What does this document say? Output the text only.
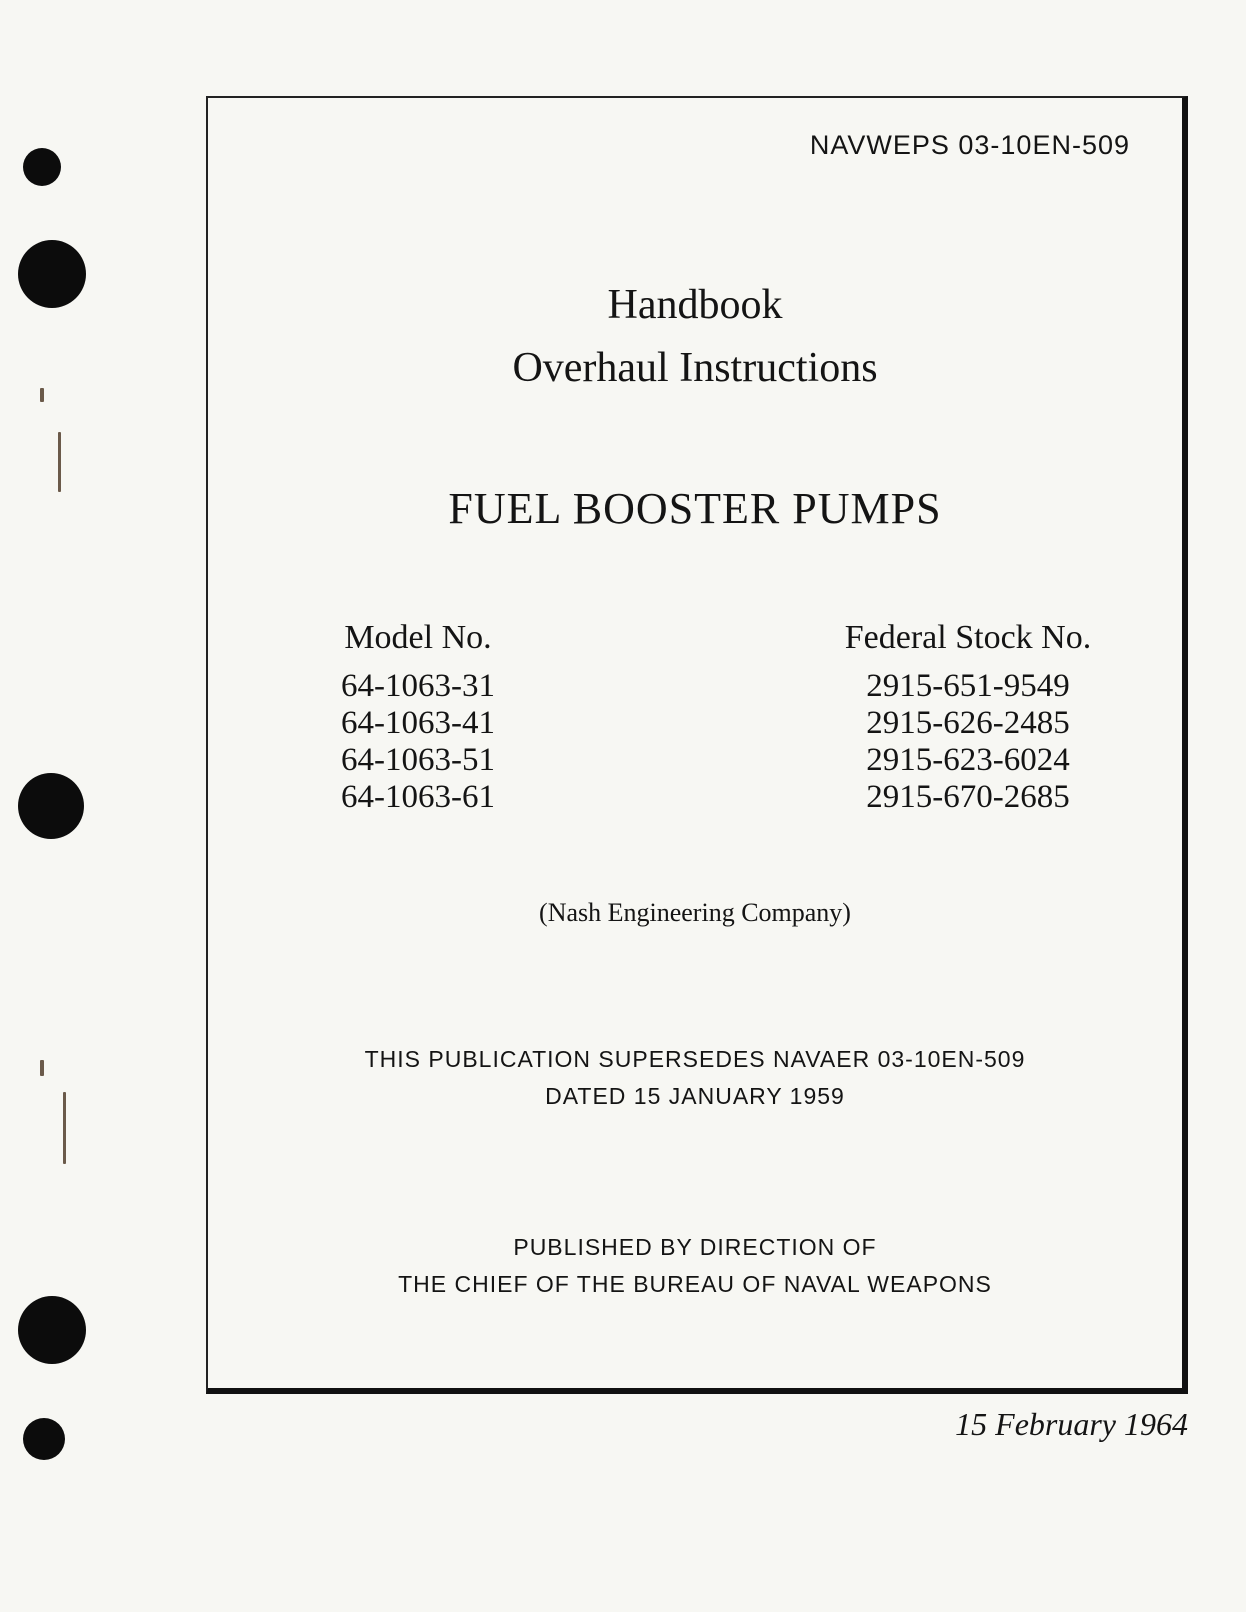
NAVWEPS 03-10EN-509
Handbook
Overhaul Instructions
FUEL BOOSTER PUMPS
Model No.
64-1063-31
64-1063-41
64-1063-51
64-1063-61
Federal Stock No.
2915-651-9549
2915-626-2485
2915-623-6024
2915-670-2685
(Nash Engineering Company)
THIS PUBLICATION SUPERSEDES NAVAER 03-10EN-509
DATED 15 JANUARY 1959
PUBLISHED BY DIRECTION OF
THE CHIEF OF THE BUREAU OF NAVAL WEAPONS
15 February 1964
